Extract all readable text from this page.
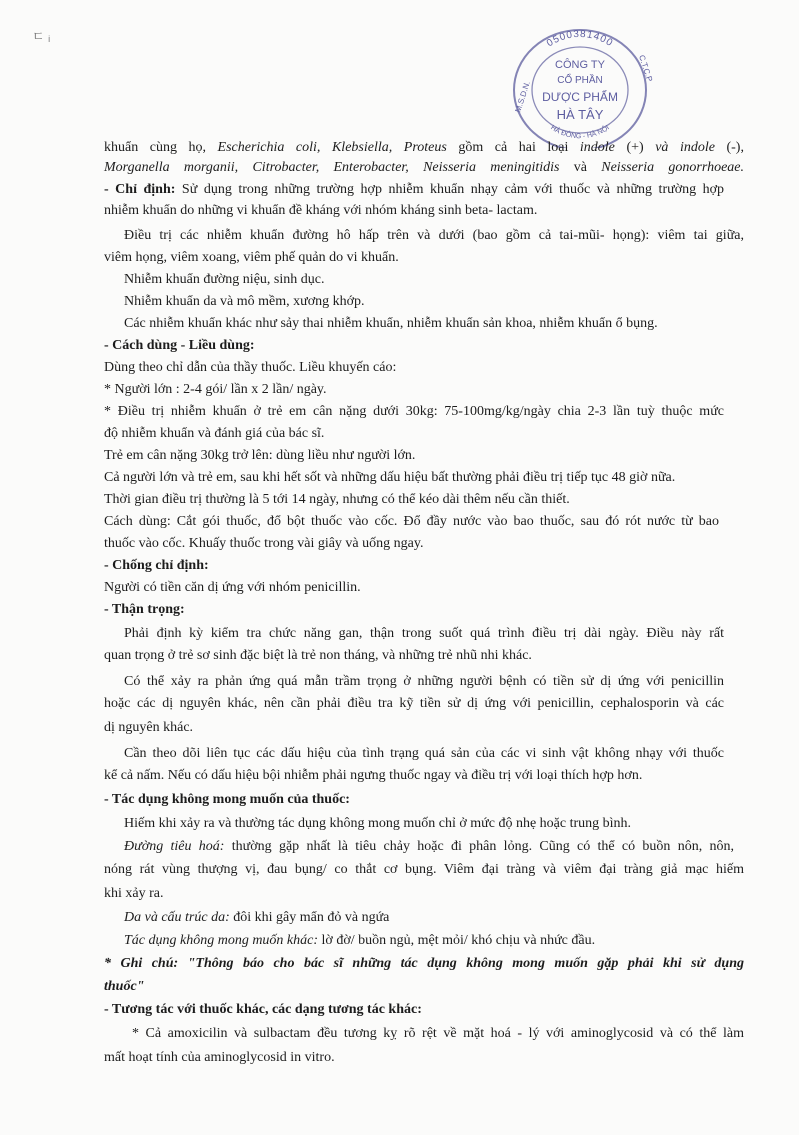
ㄷ ᵢ	0500381400
M.S.D.N.
C.T.C.P
CÔNG TY
CỔ PHẦN
DƯỢC PHẨM
HÀ TÂY
HÀ ĐÔNG - HÀ NỘI
khuẩn cùng họ, Escherichia coli, Klebsiella, Proteus gồm cả hai loại indole (+) và indole (-),
Morganella morganii, Citrobacter, Enterobacter, Neisseria meningitidis và Neisseria gonorrhoeae.
- Chỉ định: Sử dụng trong những trường hợp nhiễm khuẩn nhạy cảm với thuốc và những trường hợp
nhiễm khuẩn do những vi khuẩn đề kháng với nhóm kháng sinh beta- lactam.
Điều trị các nhiễm khuẩn đường hô hấp trên và dưới (bao gồm cả tai-mũi- họng): viêm tai giữa,
viêm họng, viêm xoang, viêm phế quản do vi khuẩn.
Nhiễm khuẩn đường niệu, sinh dục.
Nhiễm khuẩn da và mô mềm, xương khớp.
Các nhiễm khuẩn khác như sảy thai nhiễm khuẩn, nhiễm khuẩn sản khoa, nhiễm khuẩn ổ bụng.
- Cách dùng - Liều dùng:
Dùng theo chỉ dẫn của thầy thuốc. Liều khuyến cáo:
* Người lớn : 2-4 gói/ lần x 2 lần/ ngày.
* Điều trị nhiễm khuẩn ở trẻ em cân nặng dưới 30kg: 75-100mg/kg/ngày chia 2-3 lần tuỳ thuộc mức
độ nhiễm khuẩn và đánh giá của bác sĩ.
Trẻ em cân nặng 30kg trở lên: dùng liều như người lớn.
Cả người lớn và trẻ em, sau khi hết sốt và những dấu hiệu bất thường phải điều trị tiếp tục 48 giờ nữa.
Thời gian điều trị thường là 5 tới 14 ngày, nhưng có thể kéo dài thêm nếu cần thiết.
Cách dùng: Cắt gói thuốc, đổ bột thuốc vào cốc. Đổ đầy nước vào bao thuốc, sau đó rót nước từ bao
thuốc vào cốc. Khuấy thuốc trong vài giây và uống ngay.
- Chống chỉ định:
Người có tiền căn dị ứng với nhóm penicillin.
- Thận trọng:
Phải định kỳ kiểm tra chức năng gan, thận trong suốt quá trình điều trị dài ngày. Điều này rất
quan trọng ở trẻ sơ sinh đặc biệt là trẻ non tháng, và những trẻ nhũ nhi khác.
Có thể xảy ra phản ứng quá mẫn trầm trọng ở những người bệnh có tiền sử dị ứng với penicillin
hoặc các dị nguyên khác, nên cần phải điều tra kỹ tiền sử dị ứng với penicillin, cephalosporin và các
dị nguyên khác.
Cần theo dõi liên tục các dấu hiệu của tình trạng quá sản của các vi sinh vật không nhạy với thuốc
kể cả nấm. Nếu có dấu hiệu bội nhiễm phải ngưng thuốc ngay và điều trị với loại thích hợp hơn.
- Tác dụng không mong muốn của thuốc:
Hiếm khi xảy ra và thường tác dụng không mong muốn chỉ ở mức độ nhẹ hoặc trung bình.
Đường tiêu hoá: thường gặp nhất là tiêu chảy hoặc đi phân lỏng. Cũng có thể có buồn nôn, nôn,
nóng rát vùng thượng vị, đau bụng/ co thắt cơ bụng. Viêm đại tràng và viêm đại tràng giả mạc hiếm
khi xảy ra.
Da và cấu trúc da: đôi khi gây mẩn đỏ và ngứa
Tác dụng không mong muốn khác: lờ đờ/ buồn ngủ, mệt mỏi/ khó chịu và nhức đầu.
* Ghi chú: "Thông báo cho bác sĩ những tác dụng không mong muốn gặp phải khi sử dụng
thuốc"
- Tương tác với thuốc khác, các dạng tương tác khác:
* Cả amoxicilin và sulbactam đều tương kỵ rõ rệt về mặt hoá - lý với aminoglycosid và có thể làm
mất hoạt tính của aminoglycosid in vitro.
